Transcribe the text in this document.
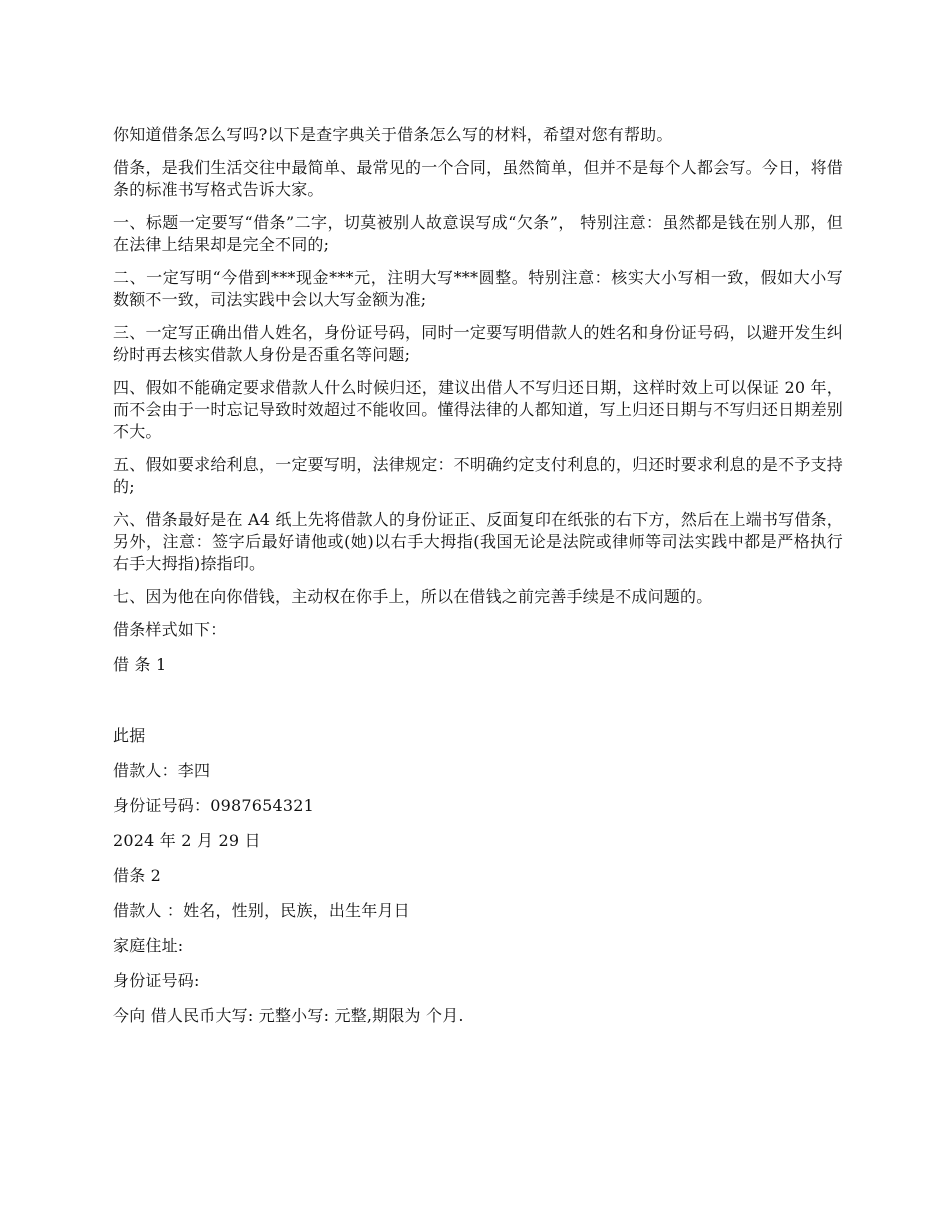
你知道借条怎么写吗?以下是查字典关于借条怎么写的材料，希望对您有帮助。

借条，是我们生活交往中最简单、最常见的一个合同，虽然简单，但并不是每个人都会写。今日，将借条的标准书写格式告诉大家。

一、标题一定要写“借条”二字，切莫被别人故意误写成“欠条”， 特别注意：虽然都是钱在别人那，但在法律上结果却是完全不同的;

二、一定写明“今借到***现金***元，注明大写***圆整。特别注意：核实大小写相一致，假如大小写数额不一致，司法实践中会以大写金额为准;

三、一定写正确出借人姓名，身份证号码，同时一定要写明借款人的姓名和身份证号码，以避开发生纠纷时再去核实借款人身份是否重名等问题;

四、假如不能确定要求借款人什么时候归还，建议出借人不写归还日期，这样时效上可以保证 20 年，而不会由于一时忘记导致时效超过不能收回。懂得法律的人都知道，写上归还日期与不写归还日期差别不大。

五、假如要求给利息，一定要写明，法律规定：不明确约定支付利息的，归还时要求利息的是不予支持的;

六、借条最好是在 A4 纸上先将借款人的身份证正、反面复印在纸张的右下方，然后在上端书写借条，另外，注意：签字后最好请他或(她)以右手大拇指(我国无论是法院或律师等司法实践中都是严格执行右手大拇指)捺指印。

七、因为他在向你借钱，主动权在你手上，所以在借钱之前完善手续是不成问题的。

借条样式如下：

借 条 1

此据

借款人：李四

身份证号码：0987654321

2024 年 2 月 29 日

借条 2

借款人 ：姓名，性别，民族，出生年月日

家庭住址:

身份证号码:

今向 借人民币大写: 元整小写: 元整,期限为 个月.
